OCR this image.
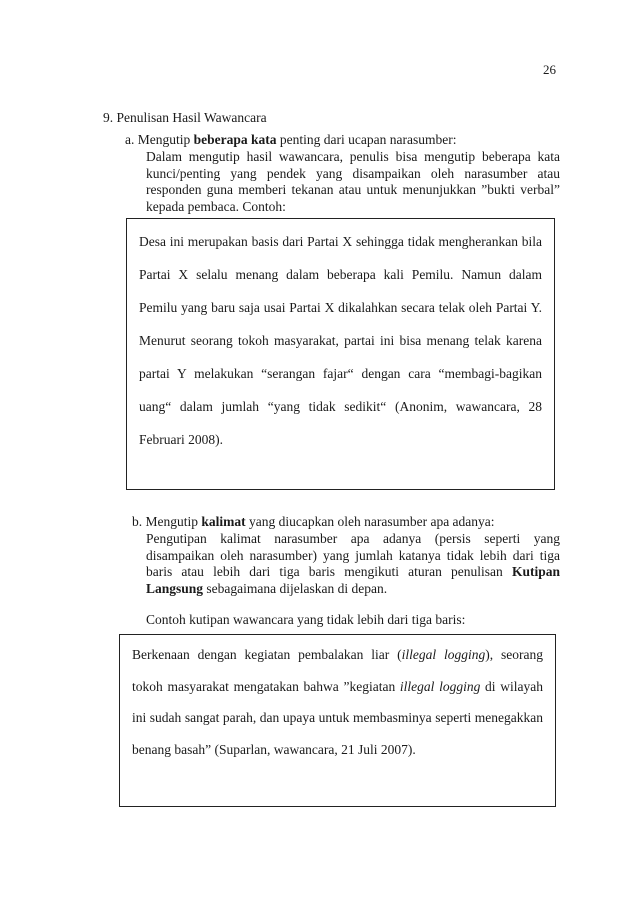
26
9. Penulisan Hasil Wawancara
a. Mengutip beberapa kata penting dari ucapan narasumber:
Dalam mengutip hasil wawancara, penulis bisa mengutip beberapa kata kunci/penting yang pendek yang disampaikan oleh narasumber atau responden guna memberi tekanan atau untuk menunjukkan ”bukti verbal” kepada pembaca. Contoh:
Desa ini merupakan basis dari Partai X sehingga tidak mengherankan bila Partai X selalu menang dalam beberapa kali Pemilu. Namun dalam Pemilu yang baru saja usai Partai X dikalahkan secara telak oleh Partai Y. Menurut seorang tokoh masyarakat, partai ini bisa menang telak karena partai Y melakukan “serangan fajar“ dengan cara “membagi-bagikan uang“ dalam jumlah “yang tidak sedikit“ (Anonim, wawancara, 28 Februari 2008).
b. Mengutip kalimat yang diucapkan oleh narasumber apa adanya:
Pengutipan kalimat narasumber apa adanya (persis seperti yang disampaikan oleh narasumber) yang jumlah katanya tidak lebih dari tiga baris atau lebih dari tiga baris mengikuti aturan penulisan Kutipan Langsung sebagaimana dijelaskan di depan.
Contoh kutipan wawancara yang tidak lebih dari tiga baris:
Berkenaan dengan kegiatan pembalakan liar (illegal logging), seorang tokoh masyarakat mengatakan bahwa ”kegiatan illegal logging di wilayah ini sudah sangat parah, dan upaya untuk membasminya seperti menegakkan benang basah” (Suparlan, wawancara, 21 Juli 2007).
